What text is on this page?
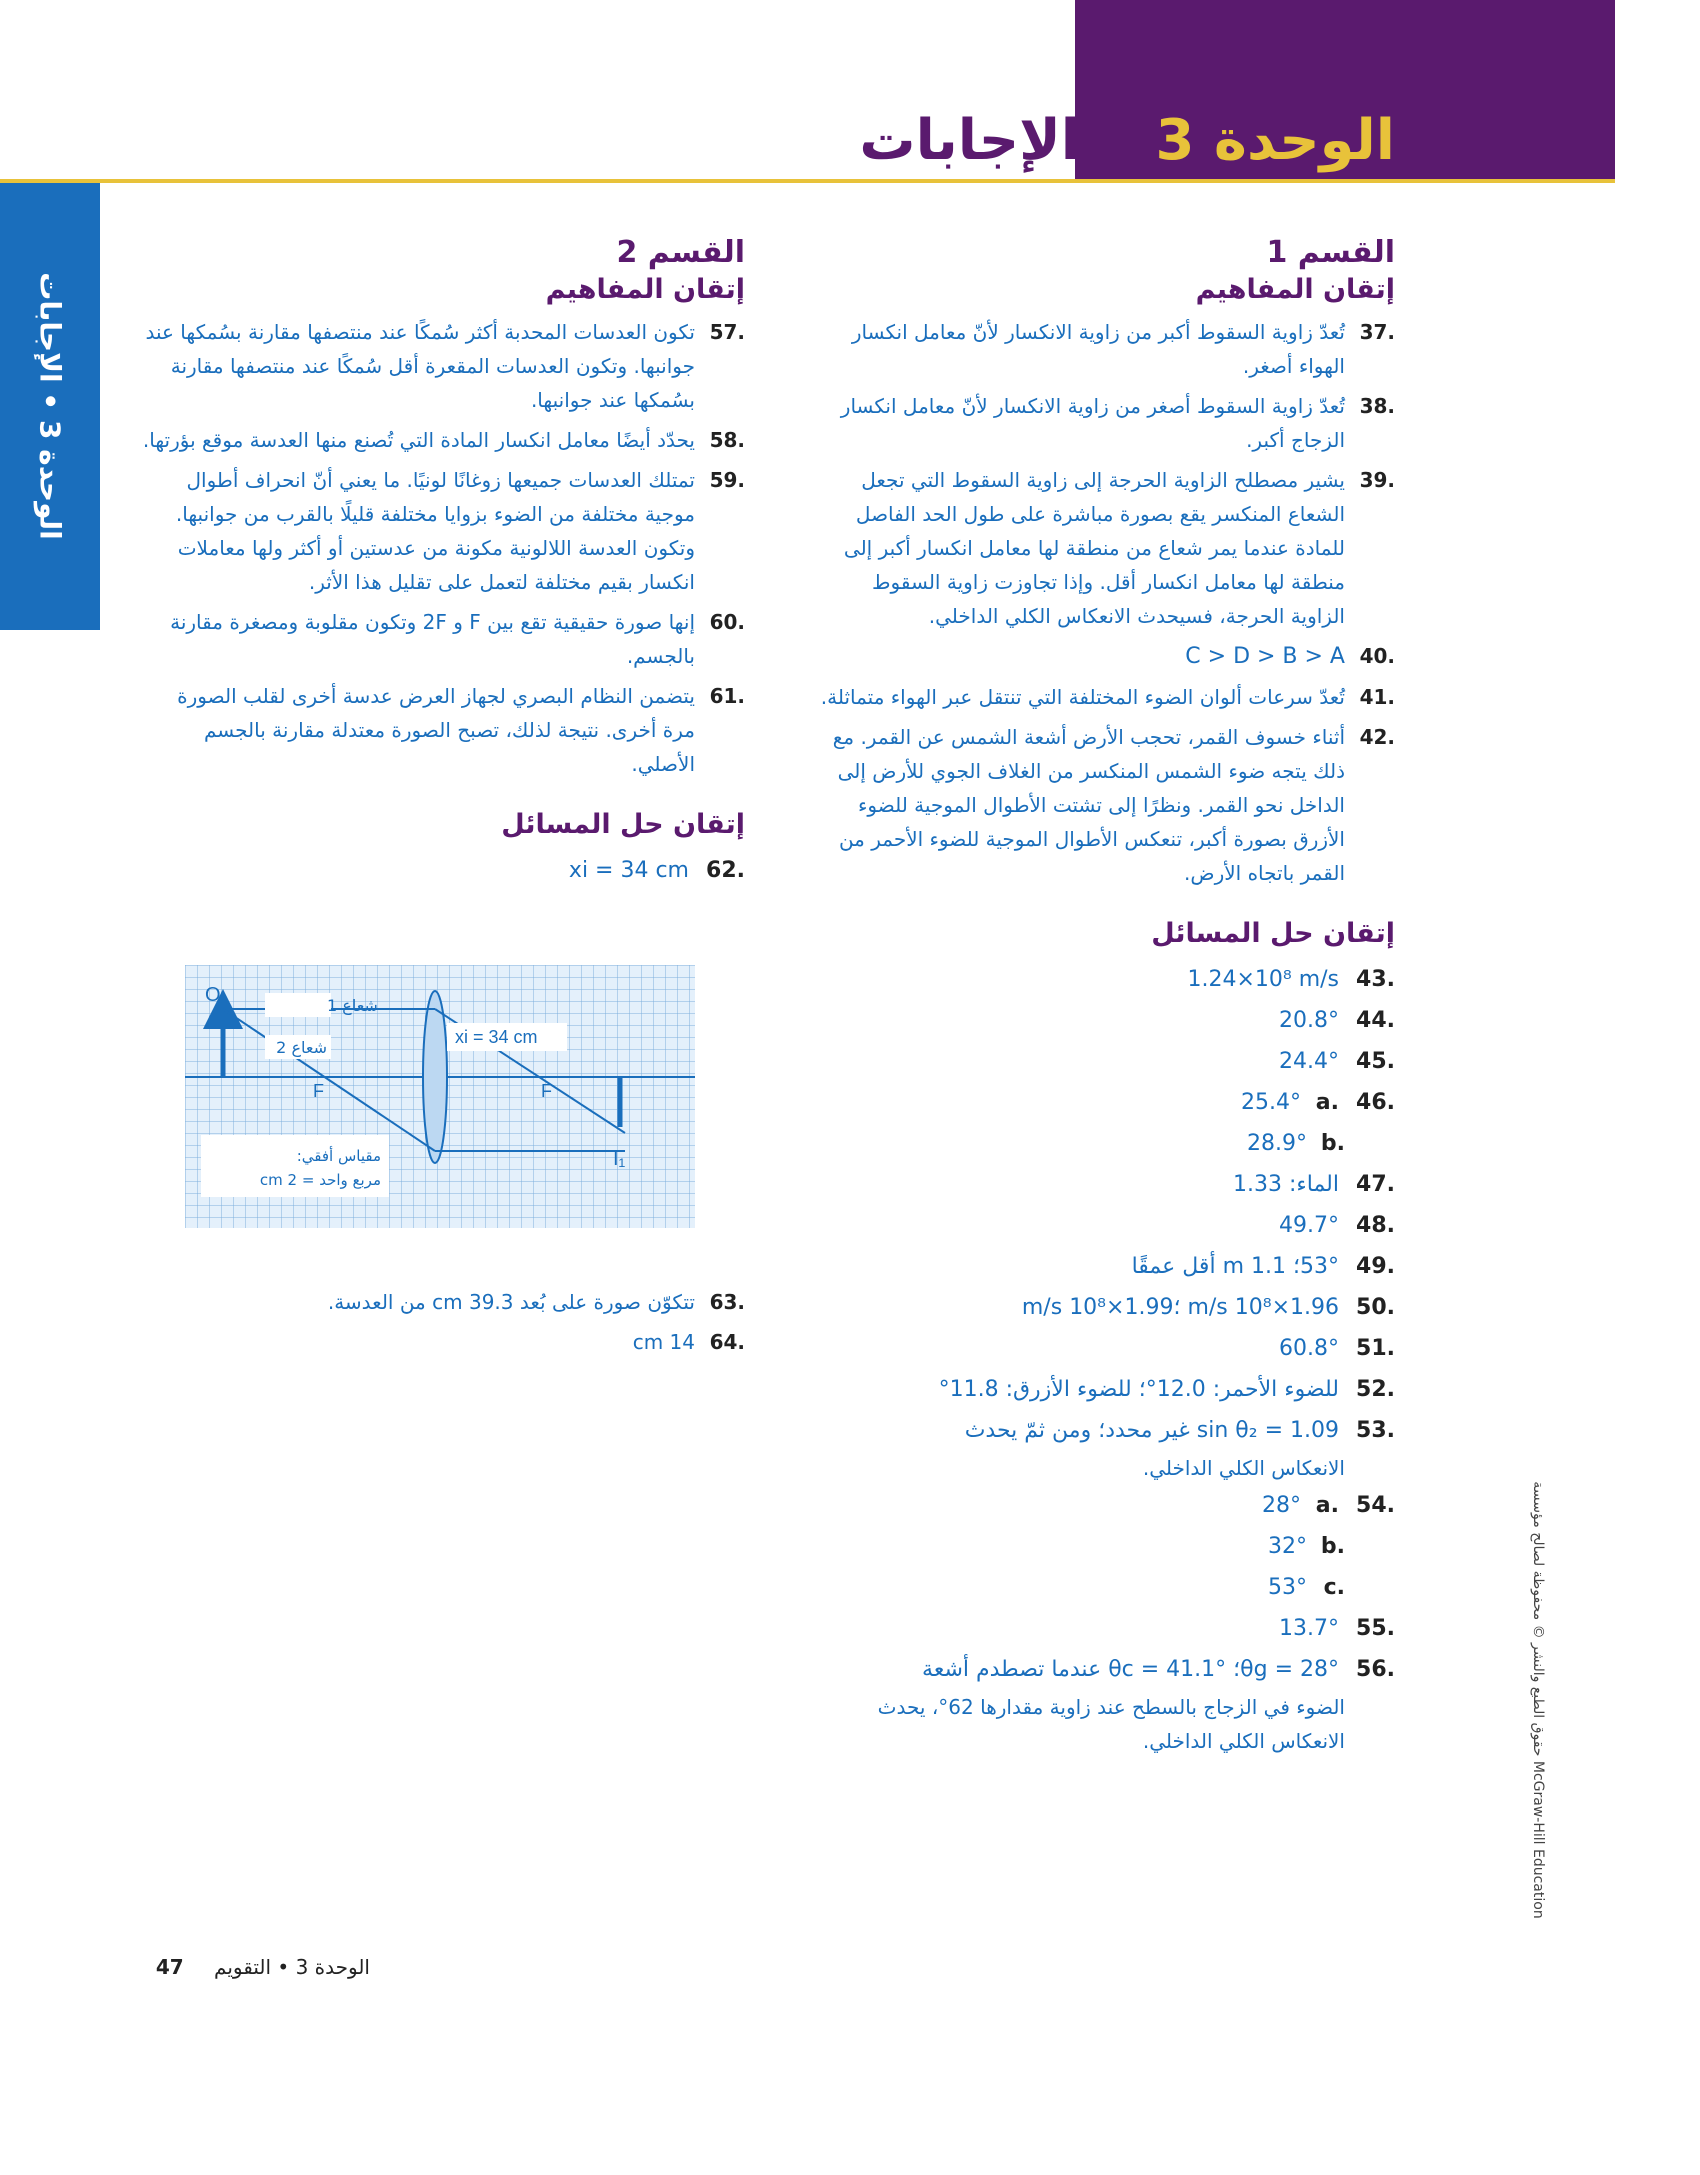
الوحدة 3
الإجابات
الوحدة 3 • الإجابات
القسم 1
إتقان المفاهيم
37.
تُعدّ زاوية السقوط أكبر من زاوية الانكسار لأنّ معامل انكسار الهواء أصغر.
38.
تُعدّ زاوية السقوط أصغر من زاوية الانكسار لأنّ معامل انكسار الزجاج أكبر.
39.
يشير مصطلح الزاوية الحرجة إلى زاوية السقوط التي تجعل الشعاع المنكسر يقع بصورة مباشرة على طول الحد الفاصل للمادة عندما يمر شعاع من منطقة لها معامل انكسار أكبر إلى منطقة لها معامل انكسار أقل. وإذا تجاوزت زاوية السقوط الزاوية الحرجة، فسيحدث الانعكاس الكلي الداخلي.
40.
C > D > B > A
41.
تُعدّ سرعات ألوان الضوء المختلفة التي تنتقل عبر الهواء متماثلة.
42.
أثناء خسوف القمر، تحجب الأرض أشعة الشمس عن القمر. مع ذلك يتجه ضوء الشمس المنكسر من الغلاف الجوي للأرض إلى الداخل نحو القمر. ونظرًا إلى تشتت الأطوال الموجية للضوء الأزرق بصورة أكبر، تنعكس الأطوال الموجية للضوء الأحمر من القمر باتجاه الأرض.
إتقان حل المسائل
43.
1.24×10⁸ m/s
44.
20.8°
45.
24.4°
46.
a.
25.4°
b.
28.9°
47.
الماء: 1.33
48.
49.7°
49.
53°؛ 1.1 m أقل عمقًا
50.
1.96×10⁸ m/s ؛1.99×10⁸ m/s
51.
60.8°
52.
للضوء الأحمر: 12.0°؛ للضوء الأزرق: 11.8°
53.
sin θ₂ = 1.09 غير محدد؛ ومن ثمّ يحدث
الانعكاس الكلي الداخلي.
54.
a.
28°
b.
32°
c.
53°
55.
13.7°
56.
θg = 28°؛ θc = 41.1° عندما تصطدم أشعة
الضوء في الزجاج بالسطح عند زاوية مقدارها 62°، يحدث الانعكاس الكلي الداخلي.
القسم 2
إتقان المفاهيم
57.
تكون العدسات المحدبة أكثر سُمكًا عند منتصفها مقارنة بسُمكها عند جوانبها. وتكون العدسات المقعرة أقل سُمكًا عند منتصفها مقارنة بسُمكها عند جوانبها.
58.
يحدّد أيضًا معامل انكسار المادة التي تُصنع منها العدسة موقع بؤرتها.
59.
تمتلك العدسات جميعها زوغانًا لونيًا. ما يعني أنّ انحراف أطوال موجية مختلفة من الضوء بزوايا مختلفة قليلًا بالقرب من جوانبها. وتكون العدسة اللالونية مكونة من عدستين أو أكثر ولها معاملات انكسار بقيم مختلفة لتعمل على تقليل هذا الأثر.
60.
إنها صورة حقيقية تقع بين F و 2F وتكون مقلوبة ومصغرة مقارنة بالجسم.
61.
يتضمن النظام البصري لجهاز العرض عدسة أخرى لقلب الصورة مرة أخرى. نتيجة لذلك، تصبح الصورة معتدلة مقارنة بالجسم الأصلي.
إتقان حل المسائل
62.
xi = 34 cm
xi = 34 cm
شعاع 1
شعاع 2
F	F
O₁
I₁
مقياس أفقي:
مربع واحد = 2 cm
63.
تتكوّن صورة على بُعد 39.3 cm من العدسة.
64.
14 cm
الوحدة 3 • التقويم 47
حقوق الطبع والنشر © محفوظة لصالح مؤسسة McGraw-Hill Education
